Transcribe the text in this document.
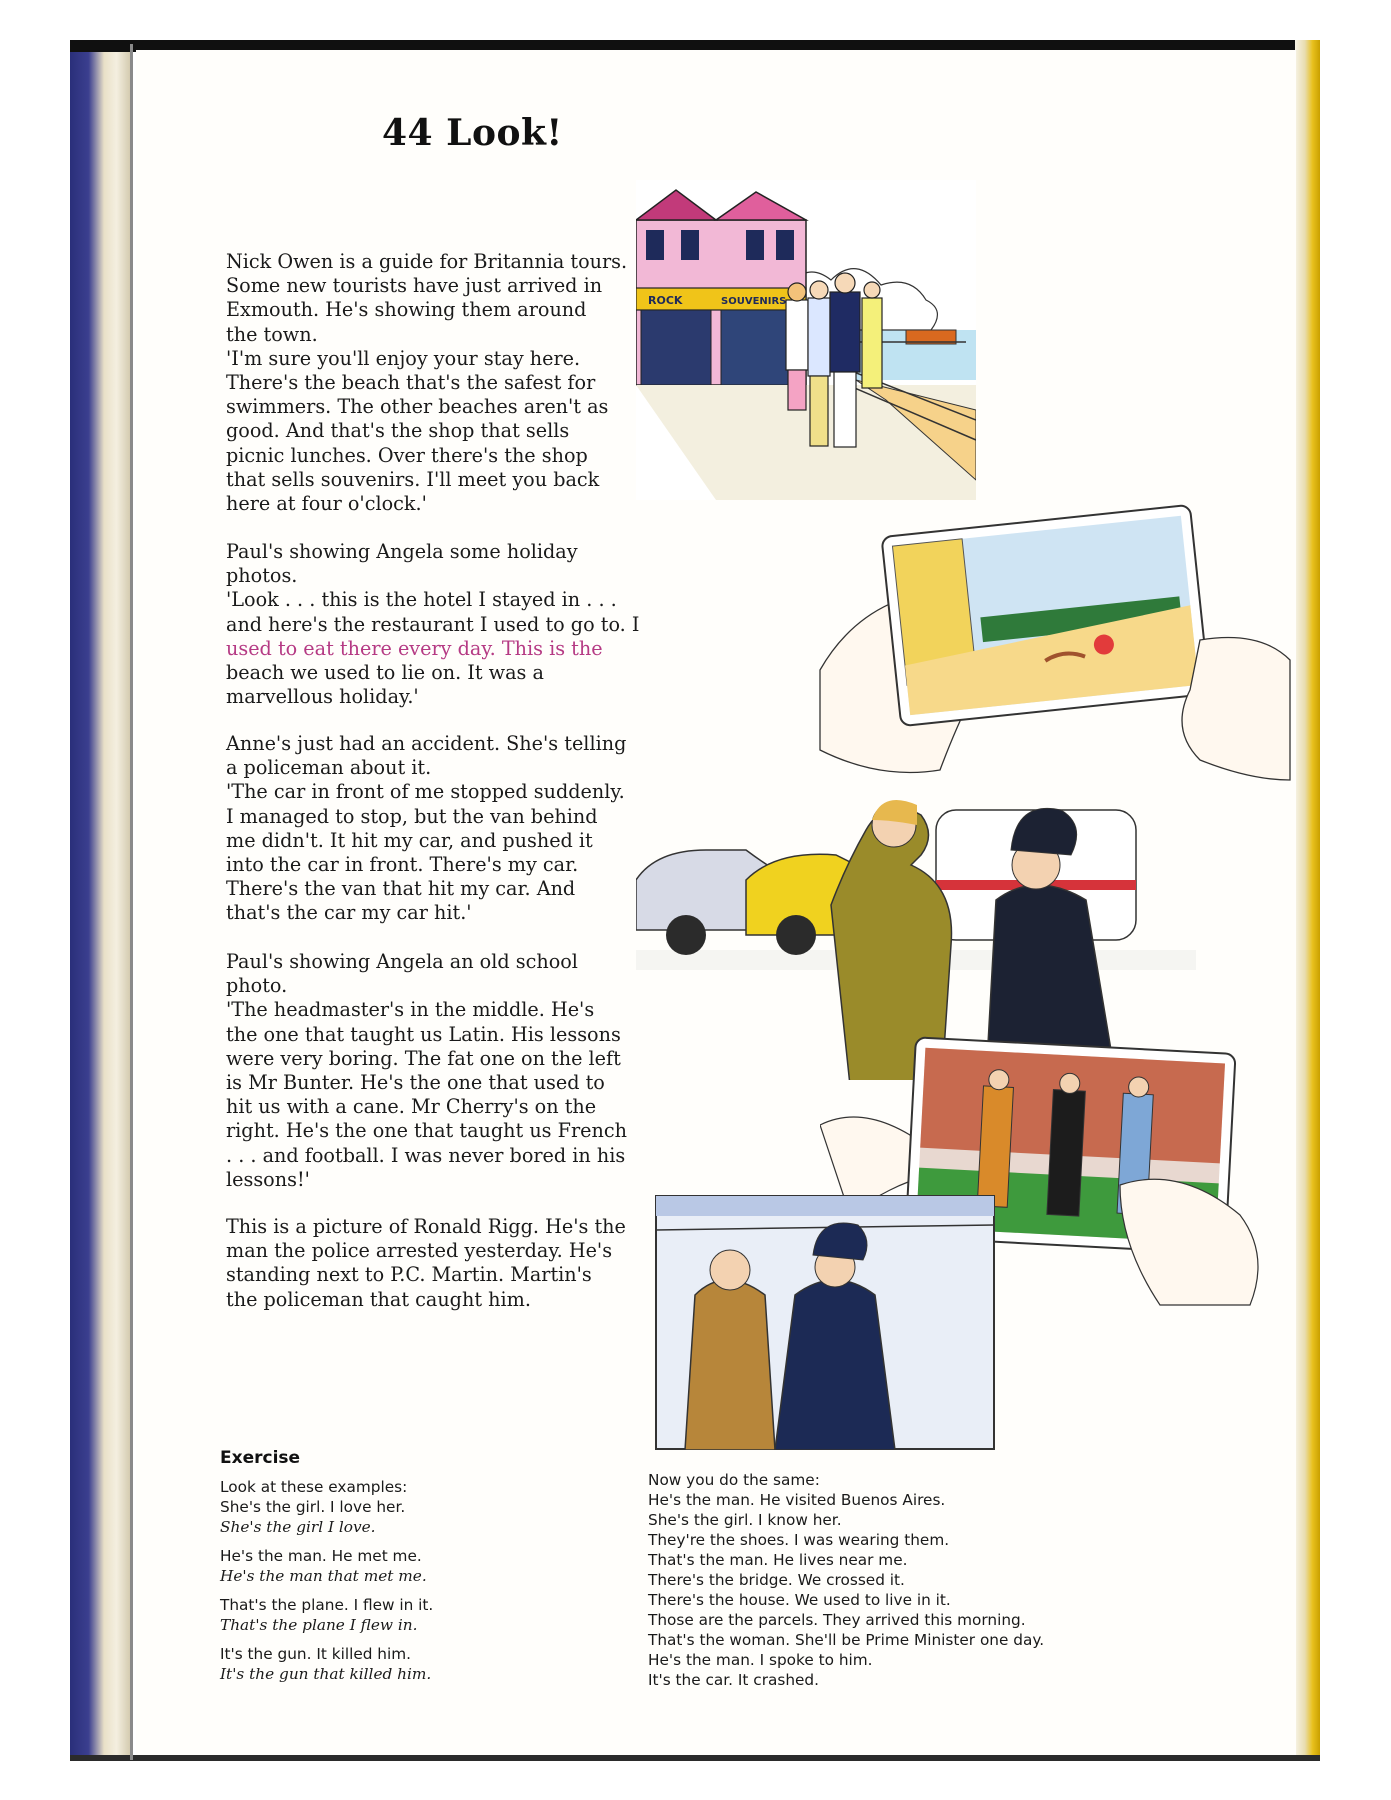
44 Look!

Nick Owen is a guide for Britannia tours.

Some new tourists have just arrived in

Exmouth. He's showing them around

the town.

'I'm sure you'll enjoy your stay here.

There's the beach that's the safest for

swimmers. The other beaches aren't as

good. And that's the shop that sells

picnic lunches. Over there's the shop

that sells souvenirs. I'll meet you back

here at four o'clock.'

Paul's showing Angela some holiday

photos.

'Look . . . this is the hotel I stayed in . . .

and here's the restaurant I used to go to. I

used to eat there every day. This is the

beach we used to lie on. It was a

marvellous holiday.'

Anne's just had an accident. She's telling

a policeman about it.

'The car in front of me stopped suddenly.

I managed to stop, but the van behind

me didn't. It hit my car, and pushed it

into the car in front. There's my car.

There's the van that hit my car. And

that's the car my car hit.'

Paul's showing Angela an old school

photo.

'The headmaster's in the middle. He's

the one that taught us Latin. His lessons

were very boring. The fat one on the left

is Mr Bunter. He's the one that used to

hit us with a cane. Mr Cherry's on the

right. He's the one that taught us French

. . . and football. I was never bored in his

lessons!'

This is a picture of Ronald Rigg. He's the

man the police arrested yesterday. He's

standing next to P.C. Martin. Martin's

the policeman that caught him.

ROCK	SOUVENIRS
Exercise

Look at these examples:

She's the girl. I love her.

She's the girl I love.

He's the man. He met me.

He's the man that met me.

That's the plane. I flew in it.

That's the plane I flew in.

It's the gun. It killed him.

It's the gun that killed him.

Now you do the same:

He's the man. He visited Buenos Aires.

She's the girl. I know her.

They're the shoes. I was wearing them.

That's the man. He lives near me.

There's the bridge. We crossed it.

There's the house. We used to live in it.

Those are the parcels. They arrived this morning.

That's the woman. She'll be Prime Minister one day.

He's the man. I spoke to him.

It's the car. It crashed.
